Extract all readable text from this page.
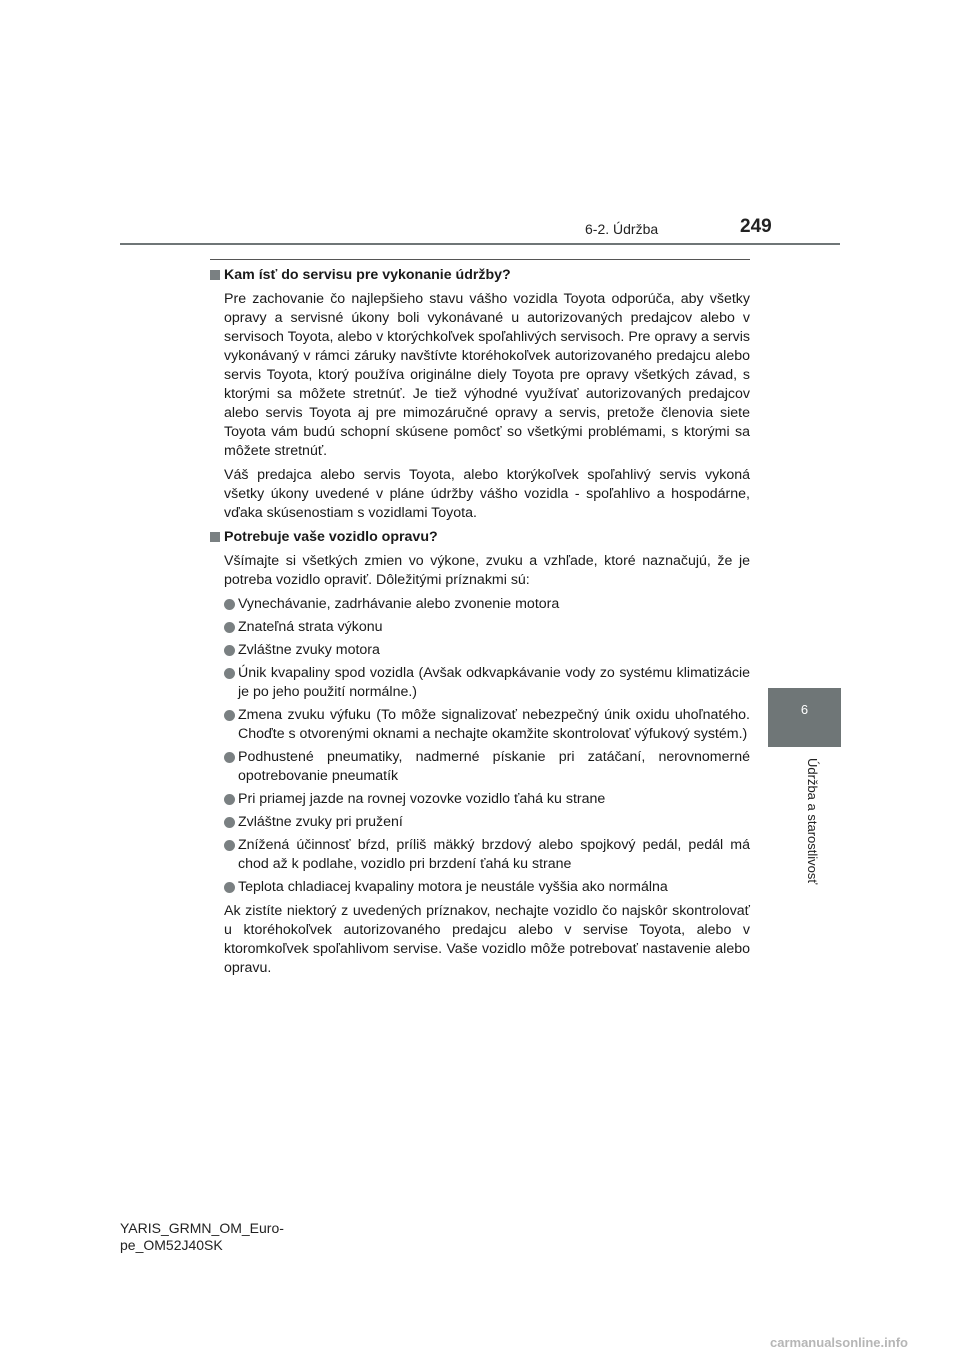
6-2. Údržba	249
6
Údržba a starostlivosť
Kam ísť do servisu pre vykonanie údržby?

Pre zachovanie čo najlepšieho stavu vášho vozidla Toyota odporúča, aby všetky opravy a servisné úkony boli vykonávané u autorizovaných predajcov alebo v servisoch Toyota, alebo v ktorýchkoľvek spoľahlivých servisoch. Pre opravy a servis vykonávaný v rámci záruky navštívte ktoréhokoľvek autorizovaného predajcu alebo servis Toyota, ktorý používa originálne diely Toyota pre opravy všetkých závad, s ktorými sa môžete stretnúť. Je tiež výhodné využívať autorizovaných predajcov alebo servis Toyota aj pre mimozáručné opravy a servis, pretože členovia siete Toyota vám budú schopní skúsene pomôcť so všetkými problémami, s ktorými sa môžete stretnúť.

Váš predajca alebo servis Toyota, alebo ktorýkoľvek spoľahlivý servis vykoná všetky úkony uvedené v pláne údržby vášho vozidla - spoľahlivo a hospodárne, vďaka skúsenostiam s vozidlami Toyota.

Potrebuje vaše vozidlo opravu?

Všímajte si všetkých zmien vo výkone, zvuku a vzhľade, ktoré naznačujú, že je potreba vozidlo opraviť. Dôležitými príznakmi sú:

Vynechávanie, zadrhávanie alebo zvonenie motora
Znateľná strata výkonu
Zvláštne zvuky motora
Únik kvapaliny spod vozidla (Avšak odkvapkávanie vody zo systému klimatizácie je po jeho použití normálne.)
Zmena zvuku výfuku (To môže signalizovať nebezpečný únik oxidu uhoľnatého. Choďte s otvorenými oknami a nechajte okamžite skontrolovať výfukový systém.)
Podhustené pneumatiky, nadmerné pískanie pri zatáčaní, nerovnomerné opotrebovanie pneumatík
Pri priamej jazde na rovnej vozovke vozidlo ťahá ku strane
Zvláštne zvuky pri pružení
Znížená účinnosť bŕzd, príliš mäkký brzdový alebo spojkový pedál, pedál má chod až k podlahe, vozidlo pri brzdení ťahá ku strane
Teplota chladiacej kvapaliny motora je neustále vyššia ako normálna

Ak zistíte niektorý z uvedených príznakov, nechajte vozidlo čo najskôr skontrolovať u ktoréhokoľvek autorizovaného predajcu alebo v servise Toyota, alebo v ktoromkoľvek spoľahlivom servise. Vaše vozidlo môže potrebovať nastavenie alebo opravu.

YARIS_GRMN_OM_Euro-
pe_OM52J40SK
carmanualsonline.info
